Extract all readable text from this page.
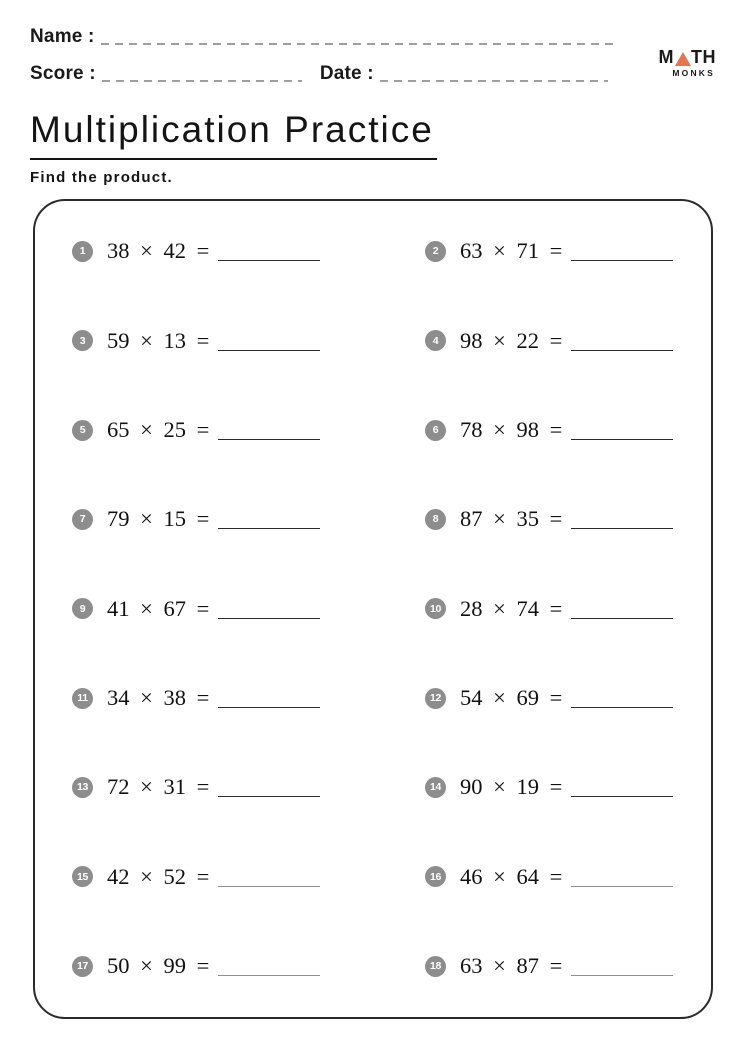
Name :
Score :	Date :
M TH
MONKS
Multiplication Practice
Find the product.
1 38 × 42 =	2 63 × 71 =
3 59 × 13 =	4 98 × 22 =
5 65 × 25 =	6 78 × 98 =
7 79 × 15 =	8 87 × 35 =
9 41 × 67 =	10 28 × 74 =
11 34 × 38 =	12 54 × 69 =
13 72 × 31 =	14 90 × 19 =
15 42 × 52 =	16 46 × 64 =
17 50 × 99 =	18 63 × 87 =
